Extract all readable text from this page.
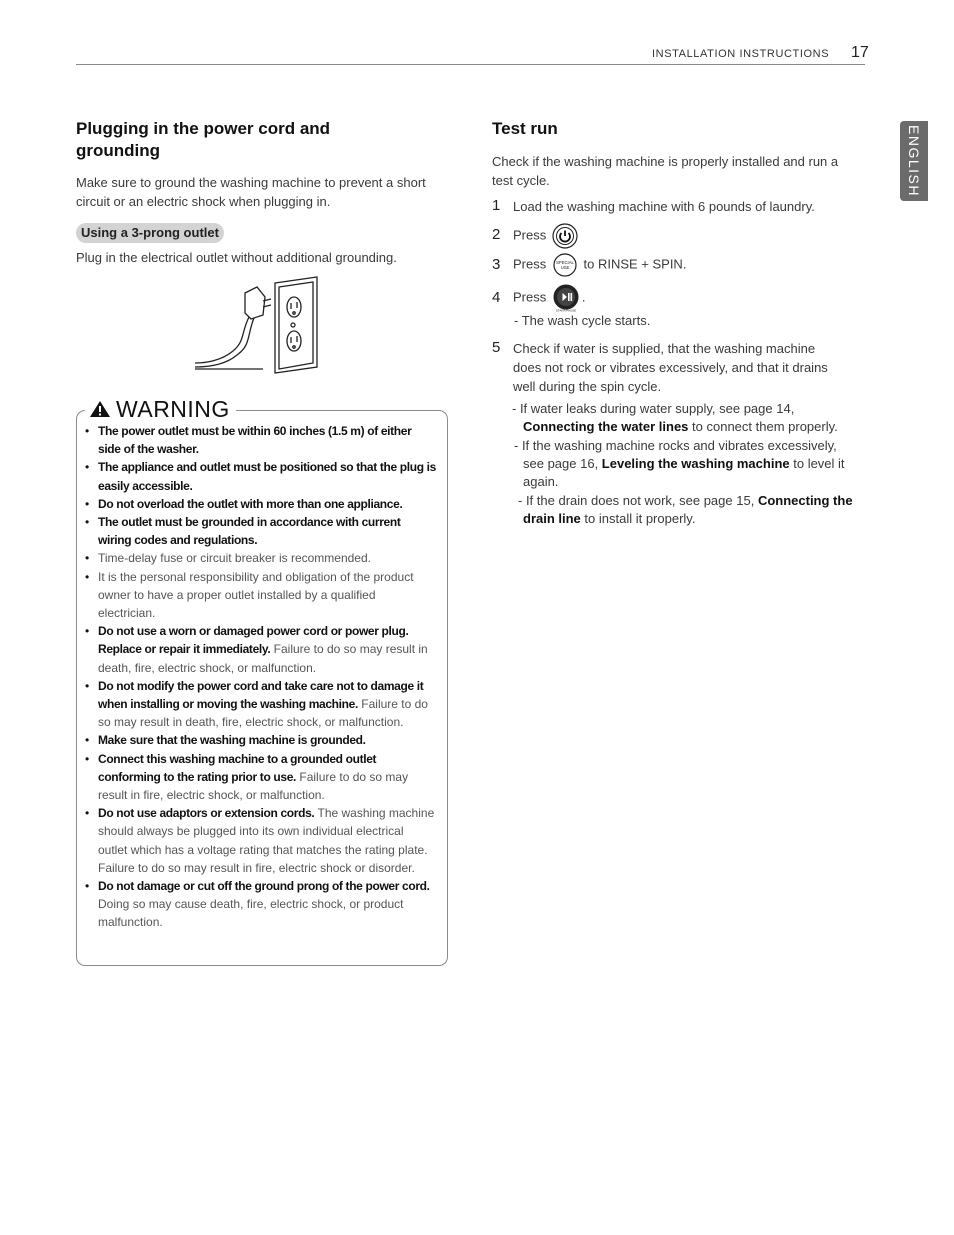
INSTALLATION INSTRUCTIONS 17
ENGLISH
Plugging in the power cord and
grounding
Make sure to ground the washing machine to prevent a short
circuit or an electric shock when plugging in.
Using a 3-prong outlet
Plug in the electrical outlet without additional grounding.
WARNING
• The power outlet must be within 60 inches (1.5 m) of either side of the washer.
• The appliance and outlet must be positioned so that the plug is easily accessible.
• Do not overload the outlet with more than one appliance.
• The outlet must be grounded in accordance with current wiring codes and regulations.
• Time-delay fuse or circuit breaker is recommended.
• It is the personal responsibility and obligation of the product owner to have a proper outlet installed by a qualified electrician.
• Do not use a worn or damaged power cord or power plug. Replace or repair it immediately. Failure to do so may result in death, fire, electric shock, or malfunction.
• Do not modify the power cord and take care not to damage it when installing or moving the washing machine. Failure to do so may result in death, fire, electric shock, or malfunction.
• Make sure that the washing machine is grounded.
• Connect this washing machine to a grounded outlet conforming to the rating prior to use. Failure to do so may result in fire, electric shock, or malfunction.
• Do not use adaptors or extension cords. The washing machine should always be plugged into its own individual electrical outlet which has a voltage rating that matches the rating plate. Failure to do so may result in fire, electric shock or disorder.
• Do not damage or cut off the ground prong of the power cord. Doing so may cause death, fire, electric shock, or product malfunction.
Test run
Check if the washing machine is properly installed and run a
test cycle.
1 Load the washing machine with 6 pounds of laundry.
2 Press
3 Press SPECIAL
USE to RINSE + SPIN.
4 Press
START/PAUSE
.
- The wash cycle starts.
5 Check if water is supplied, that the washing machine
does not rock or vibrates excessively, and that it drains
well during the spin cycle.
- If water leaks during water supply, see page 14,
Connecting the water lines to connect them properly.
- If the washing machine rocks and vibrates excessively,
see page 16, Leveling the washing machine to level it
again.
- If the drain does not work, see page 15, Connecting the
drain line to install it properly.
